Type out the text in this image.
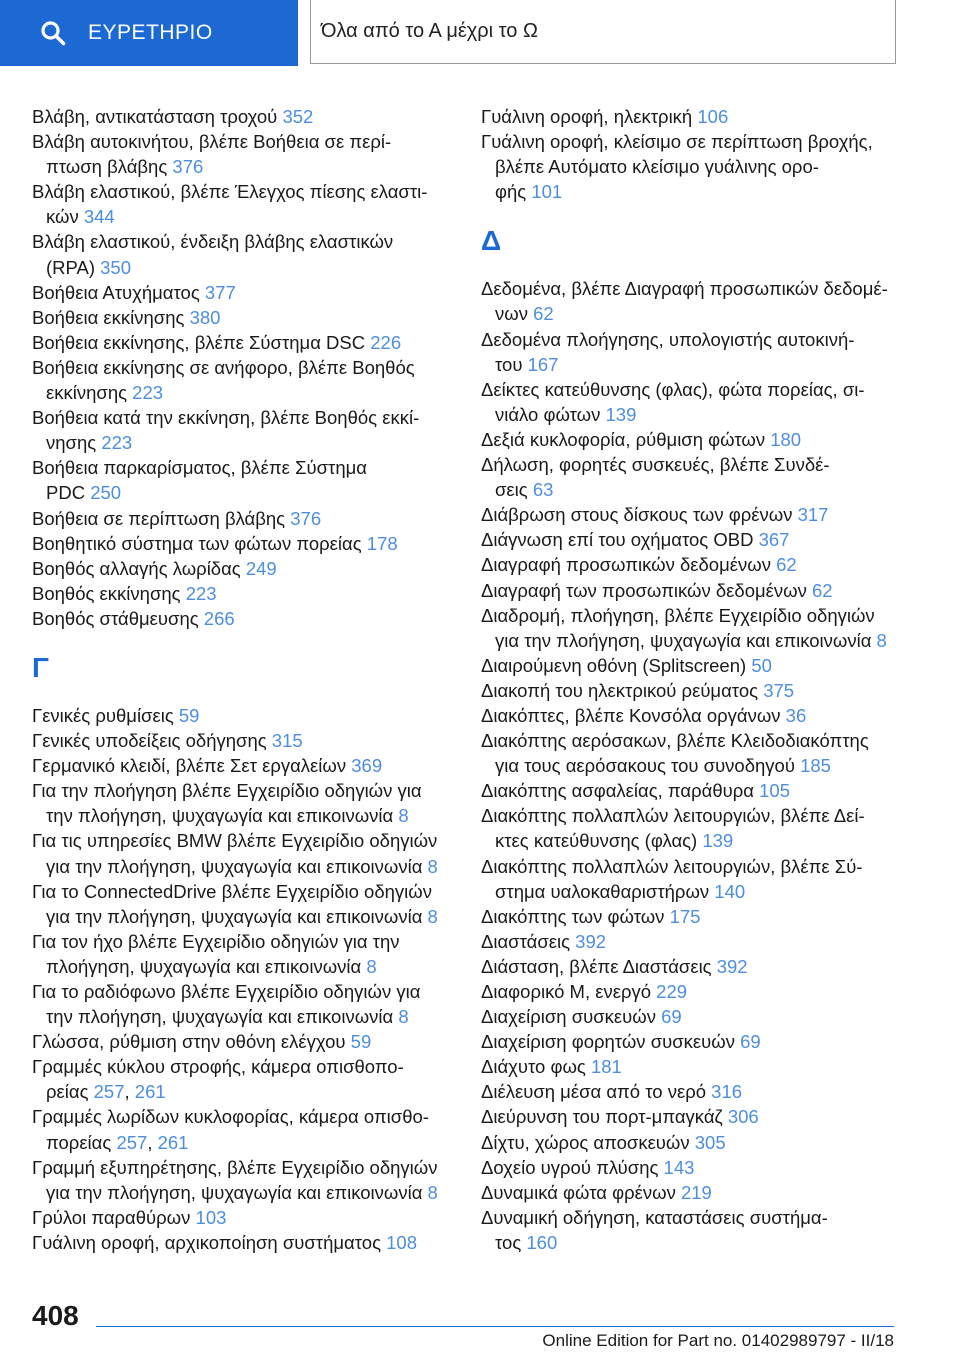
ΕΥΡΕΤΗΡΙΟ	Όλα από το Α μέχρι το Ω
Βλάβη, αντικατάσταση τροχού 352
Βλάβη αυτοκινήτου, βλέπε Βοήθεια σε περί‐
πτωση βλάβης 376
Βλάβη ελαστικού, βλέπε Έλεγχος πίεσης ελαστι‐
κών 344
Βλάβη ελαστικού, ένδειξη βλάβης ελαστικών
(RPA) 350
Βοήθεια Ατυχήματος 377
Βοήθεια εκκίνησης 380
Βοήθεια εκκίνησης, βλέπε Σύστημα DSC 226
Βοήθεια εκκίνησης σε ανήφορο, βλέπε Βοηθός
εκκίνησης 223
Βοήθεια κατά την εκκίνηση, βλέπε Βοηθός εκκί‐
νησης 223
Βοήθεια παρκαρίσματος, βλέπε Σύστημα
PDC 250
Βοήθεια σε περίπτωση βλάβης 376
Βοηθητικό σύστημα των φώτων πορείας 178
Βοηθός αλλαγής λωρίδας 249
Βοηθός εκκίνησης 223
Βοηθός στάθμευσης 266
Γ
Γενικές ρυθμίσεις 59
Γενικές υποδείξεις οδήγησης 315
Γερμανικό κλειδί, βλέπε Σετ εργαλείων 369
Για την πλοήγηση βλέπε Εγχειρίδιο οδηγιών για
την πλοήγηση, ψυχαγωγία και επικοινωνία 8
Για τις υπηρεσίες BMW βλέπε Εγχειρίδιο οδηγιών
για την πλοήγηση, ψυχαγωγία και επικοινωνία 8
Για το ConnectedDrive βλέπε Εγχειρίδιο οδηγιών
για την πλοήγηση, ψυχαγωγία και επικοινωνία 8
Για τον ήχο βλέπε Εγχειρίδιο οδηγιών για την
πλοήγηση, ψυχαγωγία και επικοινωνία 8
Για το ραδιόφωνο βλέπε Εγχειρίδιο οδηγιών για
την πλοήγηση, ψυχαγωγία και επικοινωνία 8
Γλώσσα, ρύθμιση στην οθόνη ελέγχου 59
Γραμμές κύκλου στροφής, κάμερα οπισθοπο‐
ρείας 257, 261
Γραμμές λωρίδων κυκλοφορίας, κάμερα οπισθο‐
πορείας 257, 261
Γραμμή εξυπηρέτησης, βλέπε Εγχειρίδιο οδηγιών
για την πλοήγηση, ψυχαγωγία και επικοινωνία 8
Γρύλοι παραθύρων 103
Γυάλινη οροφή, αρχικοποίηση συστήματος 108
Γυάλινη οροφή, ηλεκτρική 106
Γυάλινη οροφή, κλείσιμο σε περίπτωση βροχής,
βλέπε Αυτόματο κλείσιμο γυάλινης ορο‐
φής 101
Δ
Δεδομένα, βλέπε Διαγραφή προσωπικών δεδομέ‐
νων 62
Δεδομένα πλοήγησης, υπολογιστής αυτοκινή‐
του 167
Δείκτες κατεύθυνσης (φλας), φώτα πορείας, σι‐
νιάλο φώτων 139
Δεξιά κυκλοφορία, ρύθμιση φώτων 180
Δήλωση, φορητές συσκευές, βλέπε Συνδέ‐
σεις 63
Διάβρωση στους δίσκους των φρένων 317
Διάγνωση επί του οχήματος OBD 367
Διαγραφή προσωπικών δεδομένων 62
Διαγραφή των προσωπικών δεδομένων 62
Διαδρομή, πλοήγηση, βλέπε Εγχειρίδιο οδηγιών
για την πλοήγηση, ψυχαγωγία και επικοινωνία 8
Διαιρούμενη οθόνη (Splitscreen) 50
Διακοπή του ηλεκτρικού ρεύματος 375
Διακόπτες, βλέπε Κονσόλα οργάνων 36
Διακόπτης αερόσακων, βλέπε Κλειδοδιακόπτης
για τους αερόσακους του συνοδηγού 185
Διακόπτης ασφαλείας, παράθυρα 105
Διακόπτης πολλαπλών λειτουργιών, βλέπε Δεί‐
κτες κατεύθυνσης (φλας) 139
Διακόπτης πολλαπλών λειτουργιών, βλέπε Σύ‐
στημα υαλοκαθαριστήρων 140
Διακόπτης των φώτων 175
Διαστάσεις 392
Διάσταση, βλέπε Διαστάσεις 392
Διαφορικό M, ενεργό 229
Διαχείριση συσκευών 69
Διαχείριση φορητών συσκευών 69
Διάχυτο φως 181
Διέλευση μέσα από το νερό 316
Διεύρυνση του πορτ-μπαγκάζ 306
Δίχτυ, χώρος αποσκευών 305
Δοχείο υγρού πλύσης 143
Δυναμικά φώτα φρένων 219
Δυναμική οδήγηση, καταστάσεις συστήμα‐
τος 160
408
Online Edition for Part no. 01402989797 - II/18
